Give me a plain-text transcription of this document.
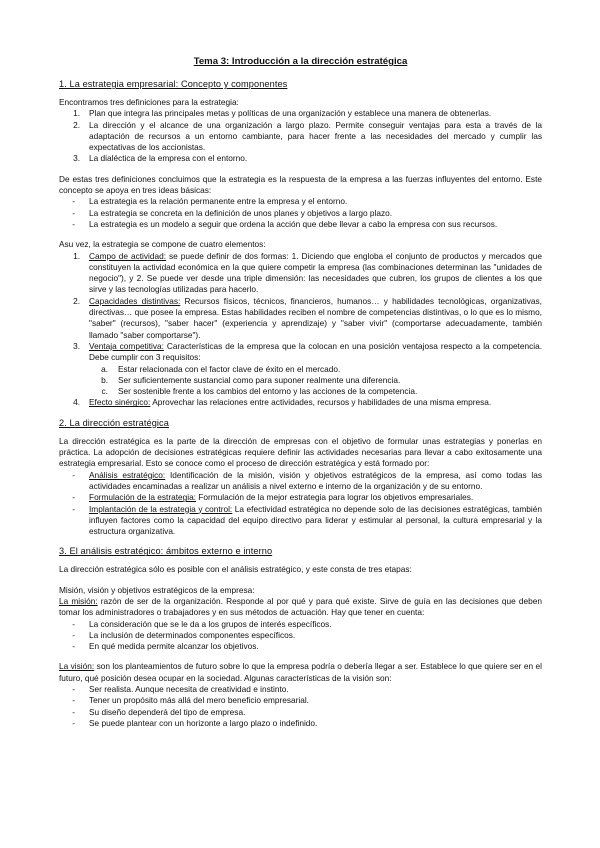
Tema 3: Introducción a la dirección estratégica
1. La estrategia empresarial: Concepto y componentes

Encontramos tres definiciones para la estrategia:

1.	Plan que integra las principales metas y políticas de una organización y establece una manera de obtenerlas.
2.	La dirección y el alcance de una organización a largo plazo. Permite conseguir ventajas para esta a través de la adaptación de recursos a un entorno cambiante, para hacer frente a las necesidades del mercado y cumplir las expectativas de los accionistas.
3.	La dialéctica de la empresa con el entorno.

De estas tres definiciones concluimos que la estrategia es la respuesta de la empresa a las fuerzas influyentes del entorno. Este concepto se apoya en tres ideas básicas:

-	La estrategia es la relación permanente entre la empresa y el entorno.
-	La estrategia se concreta en la definición de unos planes y objetivos a largo plazo.
-	La estrategia es un modelo a seguir que ordena la acción que debe llevar a cabo la empresa con sus recursos.

Asu vez, la estrategia se compone de cuatro elementos:

1.	Campo de actividad: se puede definir de dos formas: 1. Diciendo que engloba el conjunto de productos y mercados que constituyen la actividad económica en la que quiere competir la empresa (las combinaciones determinan las "unidades de negocio"), y 2. Se puede ver desde una triple dimensión: las necesidades que cubren, los grupos de clientes a los que sirve y las tecnologías utilizadas para hacerlo.
2.	Capacidades distintivas: Recursos físicos, técnicos, financieros, humanos… y habilidades tecnológicas, organizativas, directivas… que posee la empresa. Estas habilidades reciben el nombre de competencias distintivas, o lo que es lo mismo, "saber" (recursos), "saber hacer" (experiencia y aprendizaje) y "saber vivir" (comportarse adecuadamente, también llamado "saber comportarse").
3.	Ventaja competitiva: Características de la empresa que la colocan en una posición ventajosa respecto a la competencia. Debe cumplir con 3 requisitos:
a.	Estar relacionada con el factor clave de éxito en el mercado.
b.	Ser suficientemente sustancial como para suponer realmente una diferencia.
c.	Ser sostenible frente a los cambios del entorno y las acciones de la competencia.
4.	Efecto sinérgico: Aprovechar las relaciones entre actividades, recursos y habilidades de una misma empresa.
2. La dirección estratégica

La dirección estratégica es la parte de la dirección de empresas con el objetivo de formular unas estrategias y ponerlas en práctica. La adopción de decisiones estratégicas requiere definir las actividades necesarias para llevar a cabo exitosamente una estrategia empresarial. Esto se conoce como el proceso de dirección estratégica y está formado por:

-	Análisis estratégico: Identificación de la misión, visión y objetivos estratégicos de la empresa, así como todas las actividades encaminadas a realizar un análisis a nivel externo e interno de la organización y de su entorno.
-	Formulación de la estrategia: Formulación de la mejor estrategia para lograr los objetivos empresariales.
-	Implantación de la estrategia y control: La efectividad estratégica no depende solo de las decisiones estratégicas, también influyen factores como la capacidad del equipo directivo para liderar y estimular al personal, la cultura empresarial y la estructura organizativa.
3. El análisis estratégico: ámbitos externo e interno

La dirección estratégica sólo es posible con el análisis estratégico, y este consta de tres etapas:

Misión, visión y objetivos estratégicos de la empresa:

La misión: razón de ser de la organización. Responde al por qué y para qué existe. Sirve de guía en las decisiones que deben tomar los administradores o trabajadores y en sus métodos de actuación. Hay que tener en cuenta:

-	La consideración que se le da a los grupos de interés específicos.
-	La inclusión de determinados componentes específicos.
-	En qué medida permite alcanzar los objetivos.

La visión: son los planteamientos de futuro sobre lo que la empresa podría o debería llegar a ser. Establece lo que quiere ser en el futuro, qué posición desea ocupar en la sociedad. Algunas características de la visión son:

-	Ser realista. Aunque necesita de creatividad e instinto.
-	Tener un propósito más allá del mero beneficio empresarial.
-	Su diseño dependerá del tipo de empresa.
-	Se puede plantear con un horizonte a largo plazo o indefinido.
